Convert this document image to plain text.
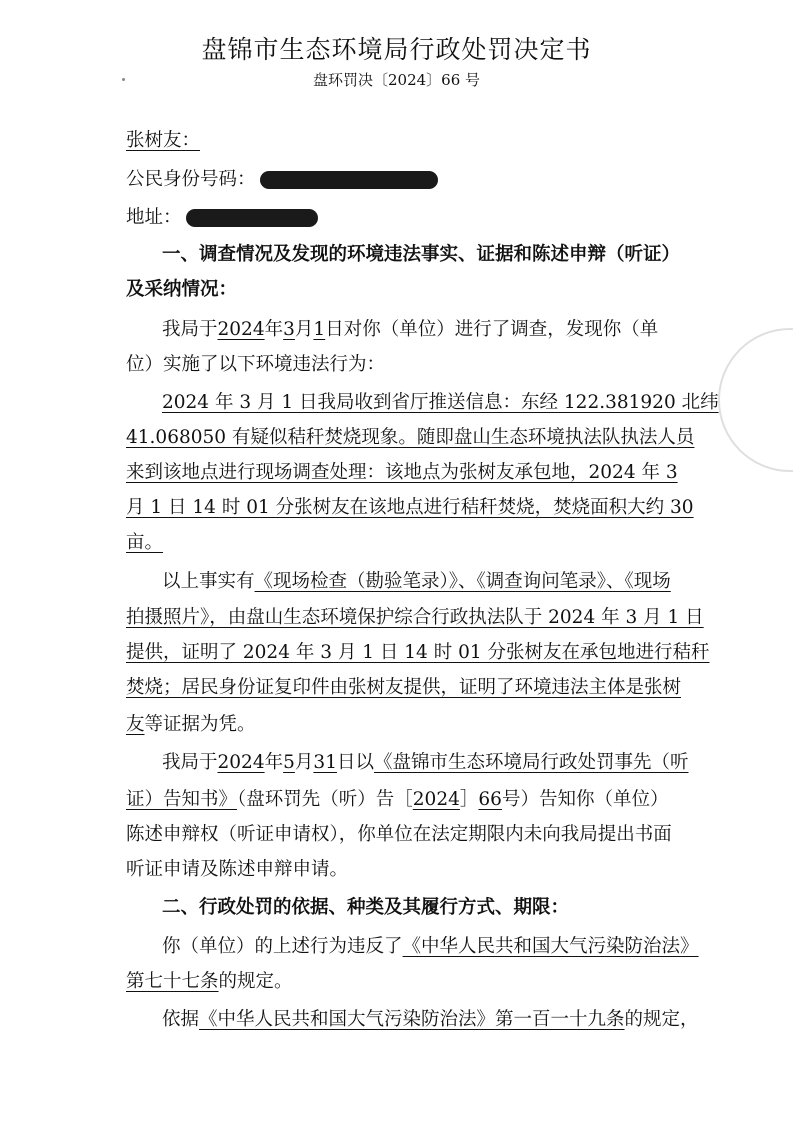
盘锦市生态环境局行政处罚决定书
盘环罚决〔2024〕66 号
张树友：
公民身份号码：
地址：
一、调查情况及发现的环境违法事实、证据和陈述申辩（听证）
及采纳情况：
我局于2024年3月1日对你（单位）进行了调查，发现你（单
位）实施了以下环境违法行为：
2024 年 3 月 1 日我局收到省厅推送信息：东经 122.381920 北纬
41.068050 有疑似秸秆焚烧现象。随即盘山生态环境执法队执法人员
来到该地点进行现场调查处理：该地点为张树友承包地，2024 年 3
月 1 日 14 时 01 分张树友在该地点进行秸秆焚烧，焚烧面积大约 30
亩。
以上事实有《现场检查（勘验笔录）》、《调查询问笔录》、《现场
拍摄照片》，由盘山生态环境保护综合行政执法队于 2024 年 3 月 1 日
提供，证明了 2024 年 3 月 1 日 14 时 01 分张树友在承包地进行秸秆
焚烧；居民身份证复印件由张树友提供，证明了环境违法主体是张树
友等证据为凭。
我局于2024年5月31日以《盘锦市生态环境局行政处罚事先（听
证）告知书》（盘环罚先（听）告［2024］66号）告知你（单位）
陈述申辩权（听证申请权），你单位在法定期限内未向我局提出书面
听证申请及陈述申辩申请。
二、行政处罚的依据、种类及其履行方式、期限：
你（单位）的上述行为违反了《中华人民共和国大气污染防治法》
第七十七条的规定。
依据《中华人民共和国大气污染防治法》第一百一十九条的规定，
